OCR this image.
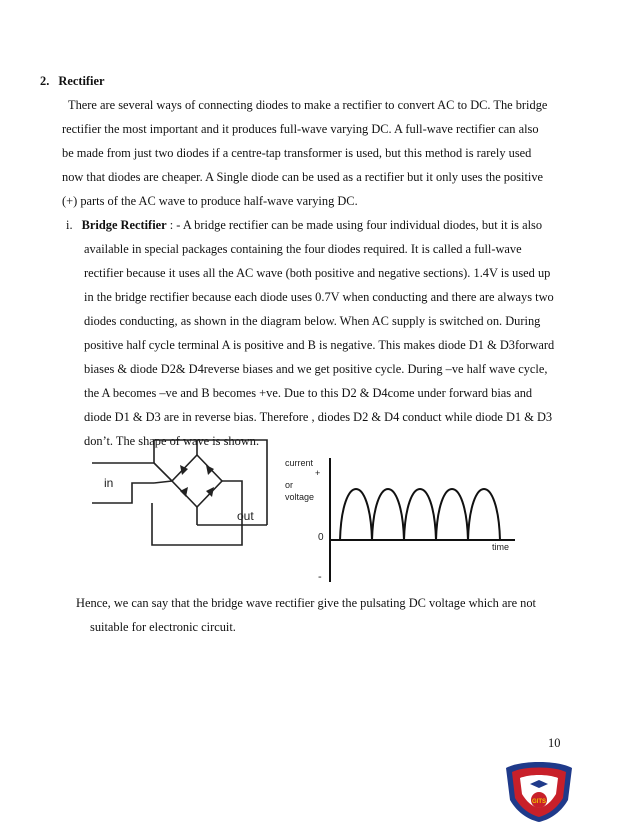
2. Rectifier
There are several ways of connecting diodes to make a rectifier to convert AC to DC. The bridge
rectifier the most important and it produces full-wave varying DC. A full-wave rectifier can also
be made from just two diodes if a centre-tap transformer is used, but this method is rarely used
now that diodes are cheaper. A Single diode can be used as a rectifier but it only uses the positive
(+) parts of the AC wave to produce half-wave varying DC.
i. Bridge Rectifier : - A bridge rectifier can be made using four individual diodes, but it is also
available in special packages containing the four diodes required. It is called a full-wave
rectifier because it uses all the AC wave (both positive and negative sections). 1.4V is used up
in the bridge rectifier because each diode uses 0.7V when conducting and there are always two
diodes conducting, as shown in the diagram below. When AC supply is switched on. During
positive half cycle terminal A is positive and B is negative. This makes diode D1 & D3forward
biases & diode D2& D4reverse biases and we get positive cycle. During –ve half wave cycle,
the A becomes –ve and B becomes +ve. Due to this D2 & D4come under forward bias and
diode D1 & D3 are in reverse bias. Therefore , diodes D2 & D4 conduct while diode D1 & D3
don’t. The shape of wave is shown.
in
out
current
+
or
voltage
0
-
time
Hence, we can say that the bridge wave rectifier give the pulsating DC voltage which are not
suitable for electronic circuit.
10
GITS
